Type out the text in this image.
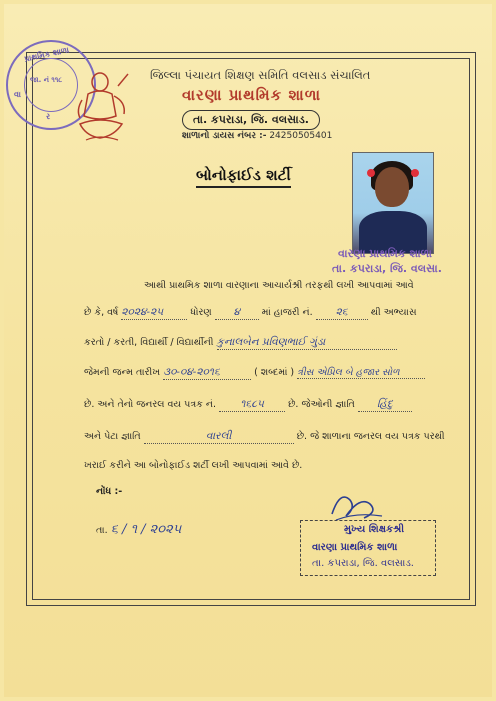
પ્રાથમિક શાળા
જા. નં ૧૧૮
વા
ર
જિલ્લા પંચાયત શિક્ષણ સમિતિ વલસાડ સંચાલિત
વારણા પ્રાથમિક શાળા
તા. કપરાડા, જિ. વલસાડ.
શાળાનો ડાયસ નંબર :- 24250505401
બોનોફાઈડ શર્ટી
વારણા પ્રાથમિક શાળા
તા. કપરાડા, જિ. વલસા.
આથી પ્રાથમિક શાળા વારણાના આચાર્યશ્રી તરફથી લખી આપવામાં આવે
છે કે, વર્ષ ૨૦૨૪-૨૫	ધોરણ ૪ માં હાજરી નં. ૨૬ થી અભ્યાસ
કરતો / કરતી, વિદ્યાર્થી / વિદ્યાર્થીની કુનાલબેન પ્રવિણભાઈ ગુંડા
જેમની જન્મ તારીખ ૩૦-૦૪-૨૦૧૬	( શબ્દમાં ) ત્રીસ એપ્રિલ બે હજાર સોળ
છે. અને તેનો જનરલ વય પત્રક નં. ૧૬૮૫	છે. જેઓની જ્ઞાતિ હિંદુ
અને પેટા જ્ઞાતિ	વારલી	છે. જે શાળાના જનરલ વય પત્રક પરથી
ખરાઈ કરીને આ બોનોફાઈડ શર્ટી લખી આપવામાં આવે છે.
નોંધ :-
તા. ૬ / ૧ / ૨૦૨૫	મુખ્ય શિક્ષકશ્રી
વારણા પ્રાથમિક શાળા
તા. કપરાડા, જિ. વલસાડ.
